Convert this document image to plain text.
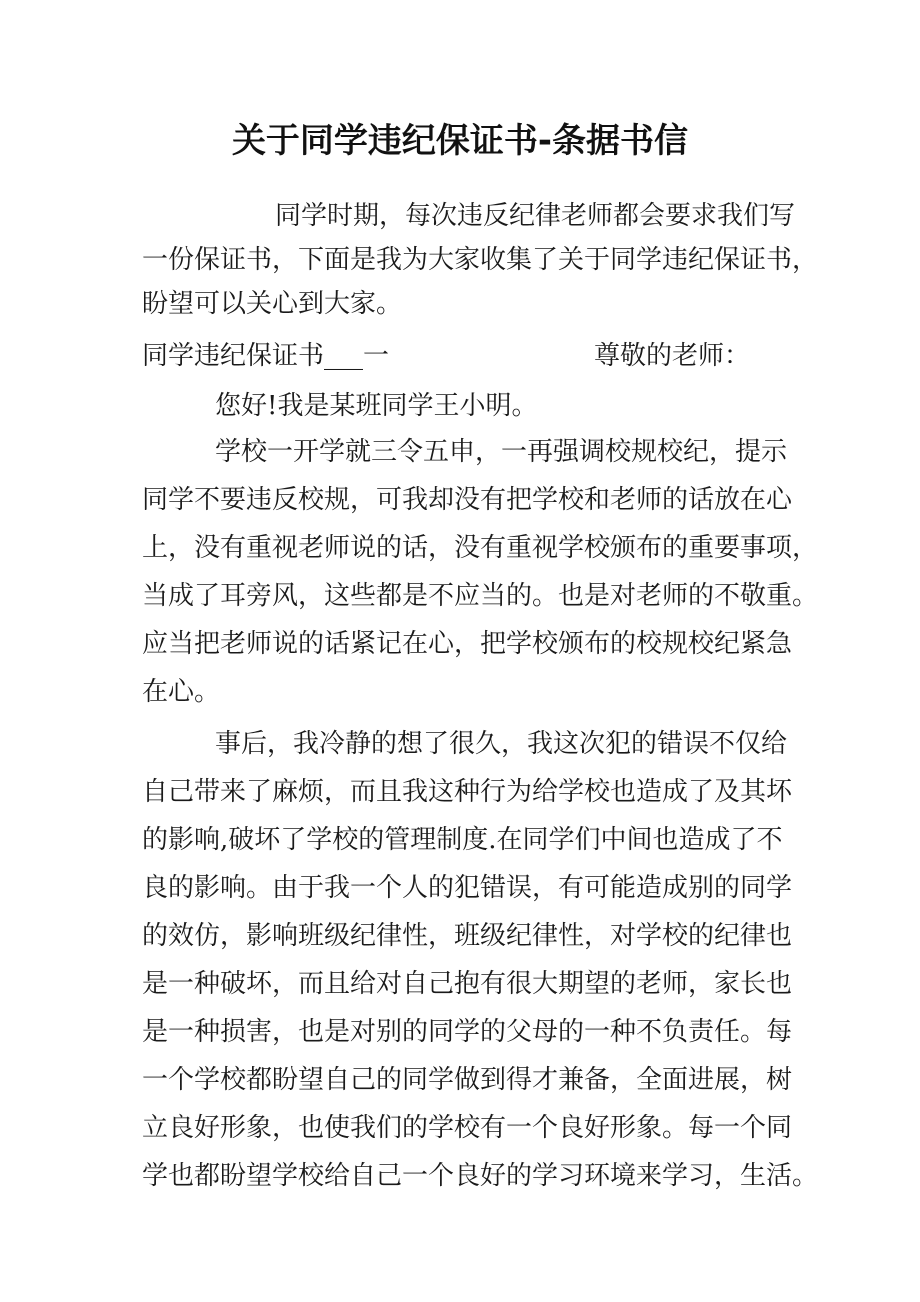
关于同学违纪保证书-条据书信
同学时期，每次违反纪律老师都会要求我们写
一份保证书，下面是我为大家收集了关于同学违纪保证书，
盼望可以关心到大家。
同学违纪保证书___一	尊敬的老师：
您好!我是某班同学王小明。
学校一开学就三令五申，一再强调校规校纪，提示
同学不要违反校规，可我却没有把学校和老师的话放在心
上，没有重视老师说的话，没有重视学校颁布的重要事项，
当成了耳旁风，这些都是不应当的。也是对老师的不敬重。
应当把老师说的话紧记在心，把学校颁布的校规校纪紧急
在心。
事后，我冷静的想了很久，我这次犯的错误不仅给
自己带来了麻烦，而且我这种行为给学校也造成了及其坏
的影响,破坏了学校的管理制度.在同学们中间也造成了不
良的影响。由于我一个人的犯错误，有可能造成别的同学
的效仿，影响班级纪律性，班级纪律性，对学校的纪律也
是一种破坏，而且给对自己抱有很大期望的老师，家长也
是一种损害，也是对别的同学的父母的一种不负责任。每
一个学校都盼望自己的同学做到得才兼备，全面进展，树
立良好形象，也使我们的学校有一个良好形象。每一个同
学也都盼望学校给自己一个良好的学习环境来学习，生活。
